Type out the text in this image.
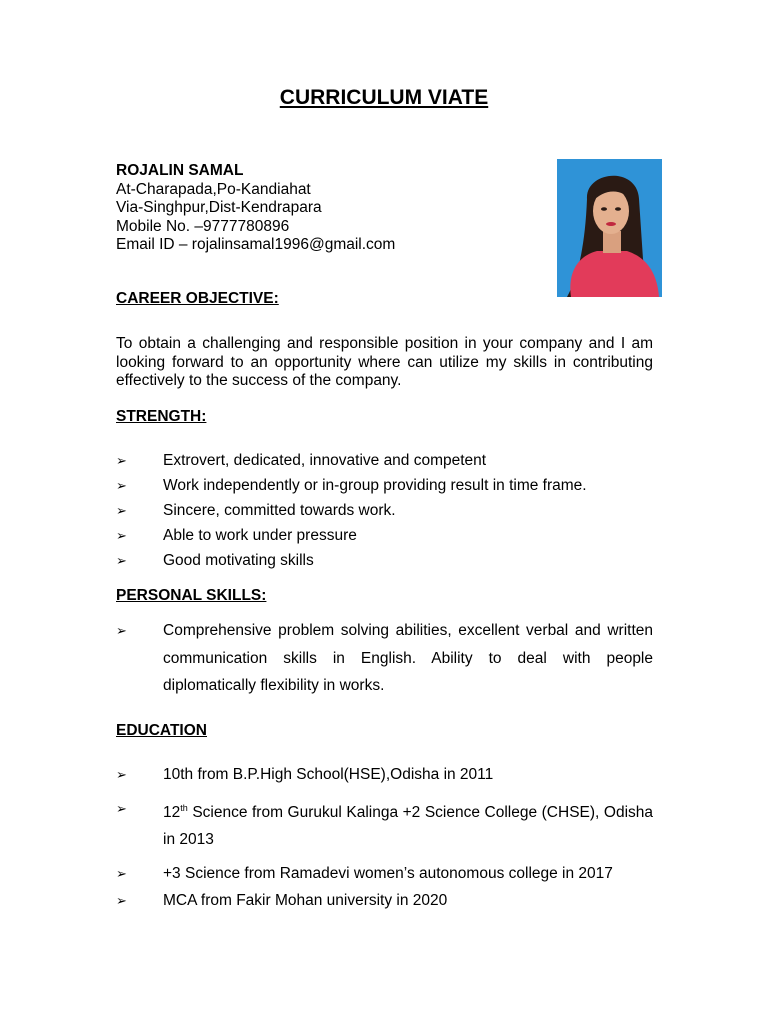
CURRICULUM VIATE
ROJALIN SAMAL
At-Charapada,Po-Kandiahat
Via-Singhpur,Dist-Kendrapara
Mobile No. –9777780896
Email ID – rojalinsamal1996@gmail.com
CAREER OBJECTIVE:
To obtain a challenging and responsible position in your company and I am looking forward to an opportunity where can utilize my skills in contributing effectively to the success of the company.
STRENGTH:
➢ Extrovert, dedicated, innovative and competent
➢ Work independently or in-group providing result in time frame.
➢ Sincere, committed towards work.
➢ Able to work under pressure
➢ Good motivating skills
PERSONAL SKILLS:
➢ Comprehensive problem solving abilities, excellent verbal and written communication skills in English. Ability to deal with people diplomatically flexibility in works.
EDUCATION
➢ 10th from B.P.High School(HSE),Odisha in 2011
➢ 12th Science from Gurukul Kalinga +2 Science College (CHSE), Odisha in 2013
➢ +3 Science from Ramadevi women’s autonomous college in 2017
➢ MCA from Fakir Mohan university in 2020
